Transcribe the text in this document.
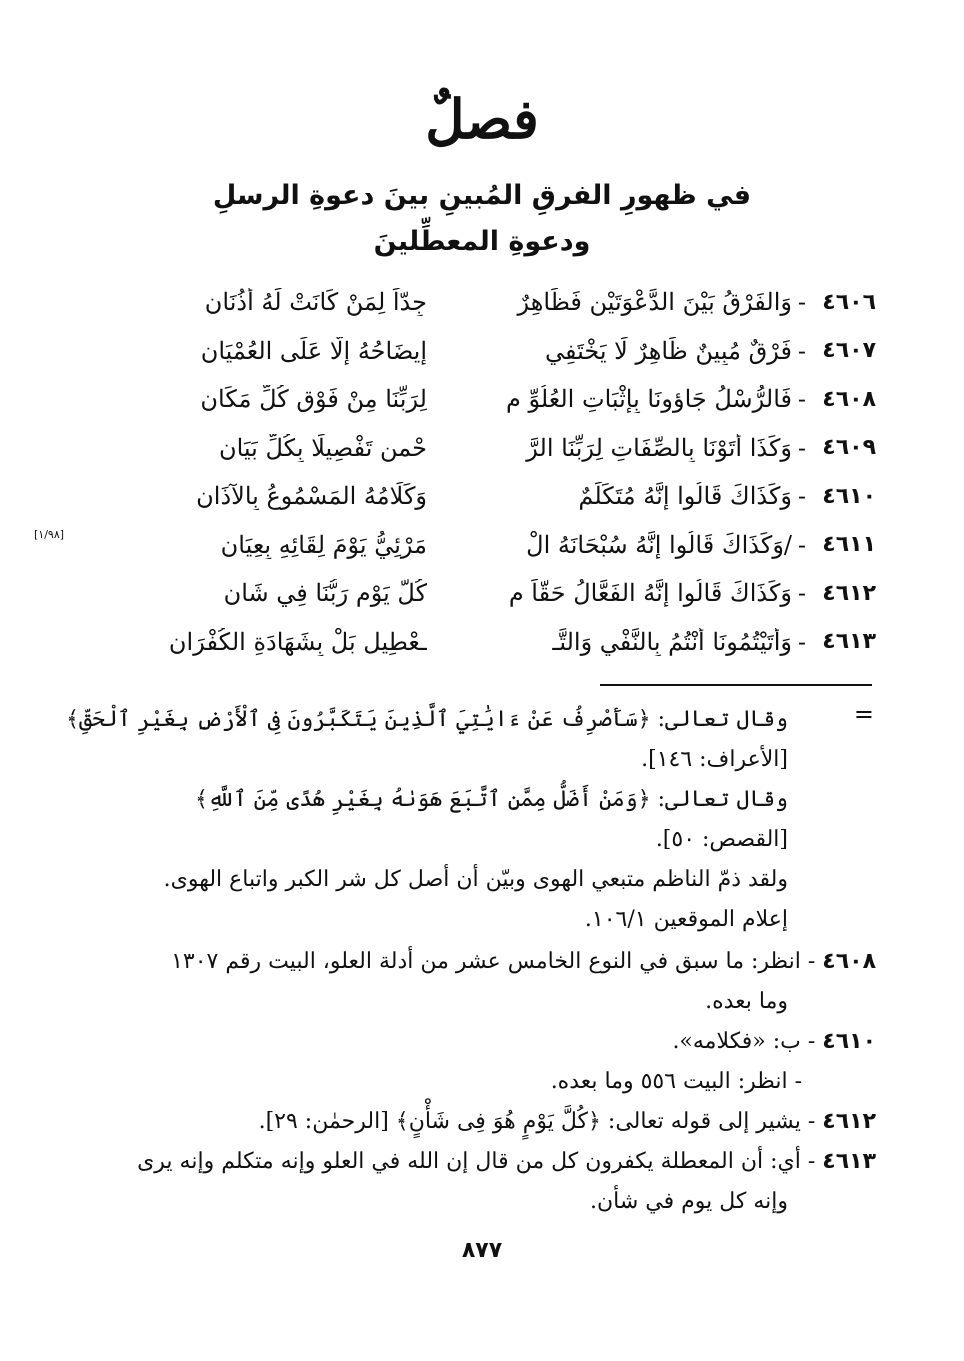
فصلٌ
في ظهورِ الفرقِ المُبينِ بينَ دعوةِ الرسلِ
ودعوةِ المعطِّلينَ
٤٦٠٦
-
وَالفَرْقُ بَيْنَ الدَّعْوَتَيْنِ فَظَاهِرٌ
جِدّاً لِمَنْ كَانَتْ لَهُ أُذُنَانِ
٤٦٠٧
-
فَرْقٌ مُبِينٌ ظَاهِرٌ لَا يَخْتَفِي
إِيضَاحُهُ إِلَّا عَلَى العُمْيَانِ
٤٦٠٨
-
فَالرُّسْلُ جَاؤونَا بِإِثْبَاتِ العُلُوِّ م
لِرَبِّنَا مِنْ فَوْقِ كُلِّ مَكَانِ
٤٦٠٩
-
وَكَذَا أَتَوْنَا بِالصِّفَاتِ لِرَبِّنَا الرَّ
حْمنِ تَفْصِيلًا بِكُلِّ بَيَانِ
٤٦١٠
-
وَكَذَاكَ قَالُوا إِنَّهُ مُتَكَلِّمٌ
وَكَلَامُهُ المَسْمُوعُ بِالآذَانِ
٤٦١١
-
/وَكَذَاكَ قَالُوا إِنَّهُ سُبْحَانَهُ الْ
مَرْئِيُّ يَوْمَ لِقَائِهِ بِعِيَانِ
٤٦١٢
-
وَكَذَاكَ قَالُوا إِنَّهُ الفَعَّالُ حَقّاً م
كُلَّ يَوْمٍ رَبُّنَا فِي شَانِ
٤٦١٣
-
وَأَتَيْتُمُونَا أَنْتُمُ بِالنَّفْيِ وَالتَّـ
ـعْطِيلِ بَلْ بِشَهَادَةِ الكُفْرَانِ
[١/٩٨]
=
وقال تعالى: ﴿سَأَصْرِفُ عَنْ ءَايَٰتِيَ ٱلَّذِينَ يَتَكَبَّرُونَ فِى ٱلْأَرْضِ بِغَيْرِ ٱلْحَقِّ﴾
[الأعراف: ١٤٦].
وقال تعالى: ﴿وَمَنْ أَضَلُّ مِمَّنِ ٱتَّبَعَ هَوَىٰهُ بِغَيْرِ هُدًى مِّنَ ٱللَّهِ﴾
[القصص: ٥٠].
ولقد ذمّ الناظم متبعي الهوى وبيّن أن أصل كل شر الكبر واتباع الهوى.
إعلام الموقعين ١٠٦/١.
٤٦٠٨ - انظر: ما سبق في النوع الخامس عشر من أدلة العلو، البيت رقم ١٣٠٧
وما بعده.
٤٦١٠ - ب: «فكلامه».
- انظر: البيت ٥٥٦ وما بعده.
٤٦١٢ - يشير إلى قوله تعالى: ﴿كُلَّ يَوْمٍ هُوَ فِى شَأْنٍ﴾ [الرحمٰن: ٢٩].
٤٦١٣ - أي: أن المعطلة يكفرون كل من قال إن الله في العلو وإنه متكلم وإنه يرى
وإنه كل يوم في شأن.
٨٧٧
